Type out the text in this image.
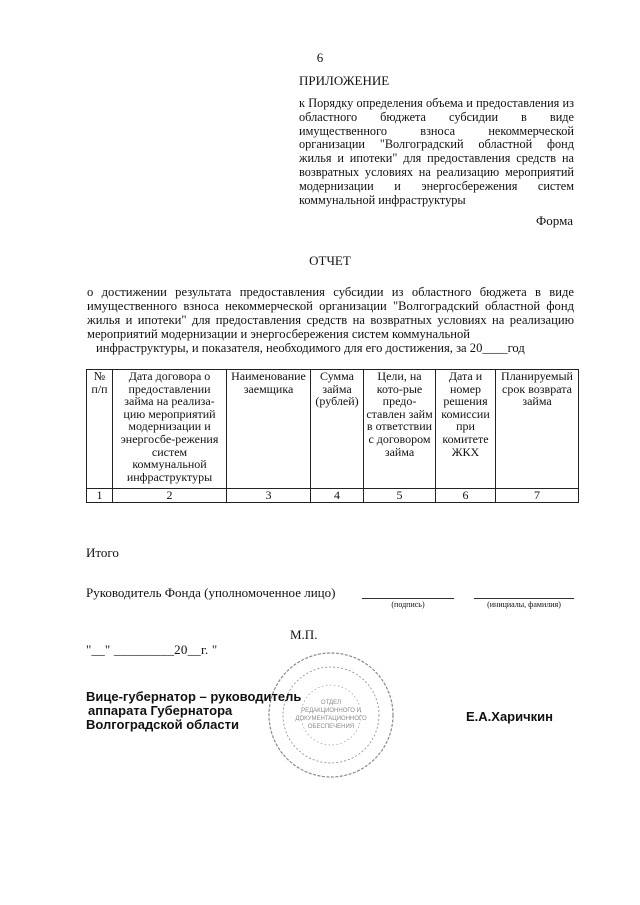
6
ПРИЛОЖЕНИЕ
к Порядку определения объема и предоставления из областного бюджета субсидии в виде имущественного взноса некоммерческой организации "Волгоградский областной фонд жилья и ипотеки" для предоставления средств на возвратных условиях на реализацию мероприятий модернизации и энергосбережения систем коммунальной инфраструктуры
Форма
ОТЧЕТ
о достижении результата предоставления субсидии из областного бюджета в виде имущественного взноса некоммерческой организации "Волгоградский областной фонд жилья и ипотеки" для предоставления средств на возвратных условиях на реализацию мероприятий модернизации и энергосбережения систем коммунальной
инфраструктуры, и показателя, необходимого для его достижения, за 20____год
№ п/п	Дата договора о предоставлении займа на реализа-цию мероприятий модернизации и энергосбе-режения систем коммунальной инфраструктуры	Наименование заемщика	Сумма займа (рублей)	Цели, на кото-рые предо-ставлен займ в ответствии с договором займа	Дата и номер решения комиссии при комитете ЖКХ	Планируемый срок возврата займа
1	2	3	4	5	6	7
Итого
Руководитель Фонда (уполномоченное лицо)
(подпись)	(инициалы, фамилия)
М.П.
"__" _________20__г. "
ОТДЕЛ
РЕДАКЦИОННОГО И
ДОКУМЕНТАЦИОННОГО
ОБЕСПЕЧЕНИЯ
Вице-губернатор – руководитель
аппарата Губернатора
Волгоградской области
Е.А.Харичкин
